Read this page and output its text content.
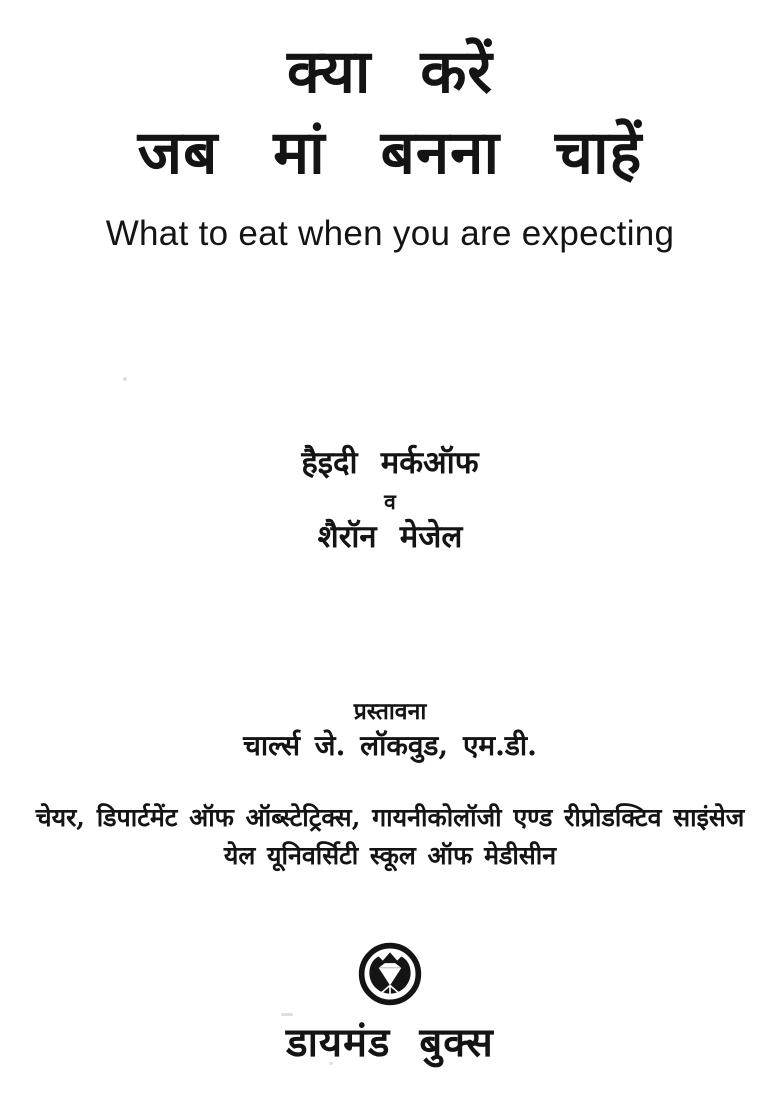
क्या करें
जब मां बनना चाहें
What to eat when you are expecting
हैइदी मर्कऑफ
व
शैरॉन मेजेल
प्रस्तावना
चार्ल्स जे. लॉकवुड, एम.डी.
चेयर, डिपार्टमेंट ऑफ ऑब्स्टेट्रिक्स, गायनीकोलॉजी एण्ड रीप्रोडक्टिव साइंसेज
येल यूनिवर्सिटी स्कूल ऑफ मेडीसीन
डायमंड बुक्स
